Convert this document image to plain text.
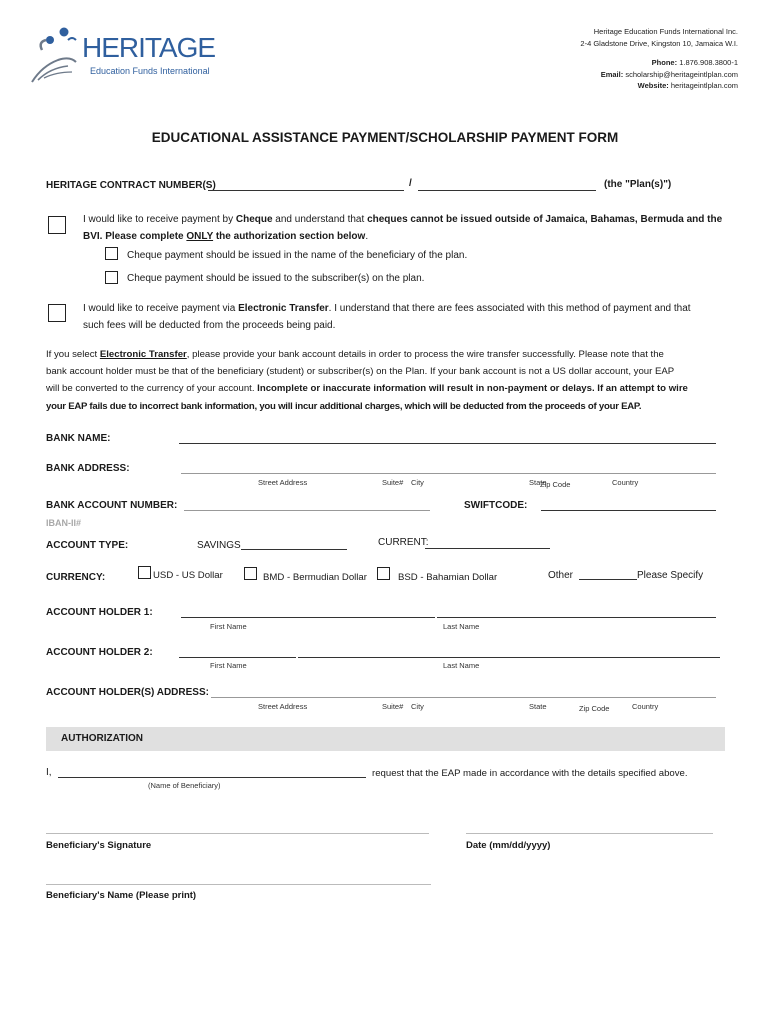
HERITAGE
Education Funds International
Heritage Education Funds International Inc.
2-4 Gladstone Drive, Kingston 10, Jamaica W.I.
Phone: 1.876.908.3800-1
Email: scholarship@heritageintlplan.com
Website: heritageintlplan.com
EDUCATIONAL ASSISTANCE PAYMENT/SCHOLARSHIP PAYMENT FORM
HERITAGE CONTRACT NUMBER(S)	/	(the "Plan(s)")
I would like to receive payment by Cheque and understand that cheques cannot be issued outside of Jamaica, Bahamas, Bermuda and the
BVI. Please complete ONLY the authorization section below.
Cheque payment should be issued in the name of the beneficiary of the plan.
Cheque payment should be issued to the subscriber(s) on the plan.
I would like to receive payment via Electronic Transfer. I understand that there are fees associated with this method of payment and that
such fees will be deducted from the proceeds being paid.
If you select Electronic Transfer, please provide your bank account details in order to process the wire transfer successfully. Please note that the
bank account holder must be that of the beneficiary (student) or subscriber(s) on the Plan. If your bank account is not a US dollar account, your EAP
will be converted to the currency of your account. Incomplete or inaccurate information will result in non-payment or delays. If an attempt to wire
your EAP fails due to incorrect bank information, you will incur additional charges, which will be deducted from the proceeds of your EAP.
BANK NAME:
BANK ADDRESS:
Street Address	Suite# City	State
Zip Code	Country
BANK ACCOUNT NUMBER:	SWIFTCODE:
IBAN-II#
ACCOUNT TYPE:	SAVINGS	CURRENT:
CURRENCY:	USD - US Dollar	BMD - Bermudian Dollar	BSD - Bahamian Dollar	Other	Please Specify
ACCOUNT HOLDER 1:
First Name	Last Name
ACCOUNT HOLDER 2:
First Name	Last Name
ACCOUNT HOLDER(S) ADDRESS:
Street Address	Suite# City	State	Zip Code	Country
AUTHORIZATION
I,	request that the EAP made in accordance with the details specified above.
(Name of Beneficiary)
Beneficiary's Signature	Date (mm/dd/yyyy)
Beneficiary's Name (Please print)
